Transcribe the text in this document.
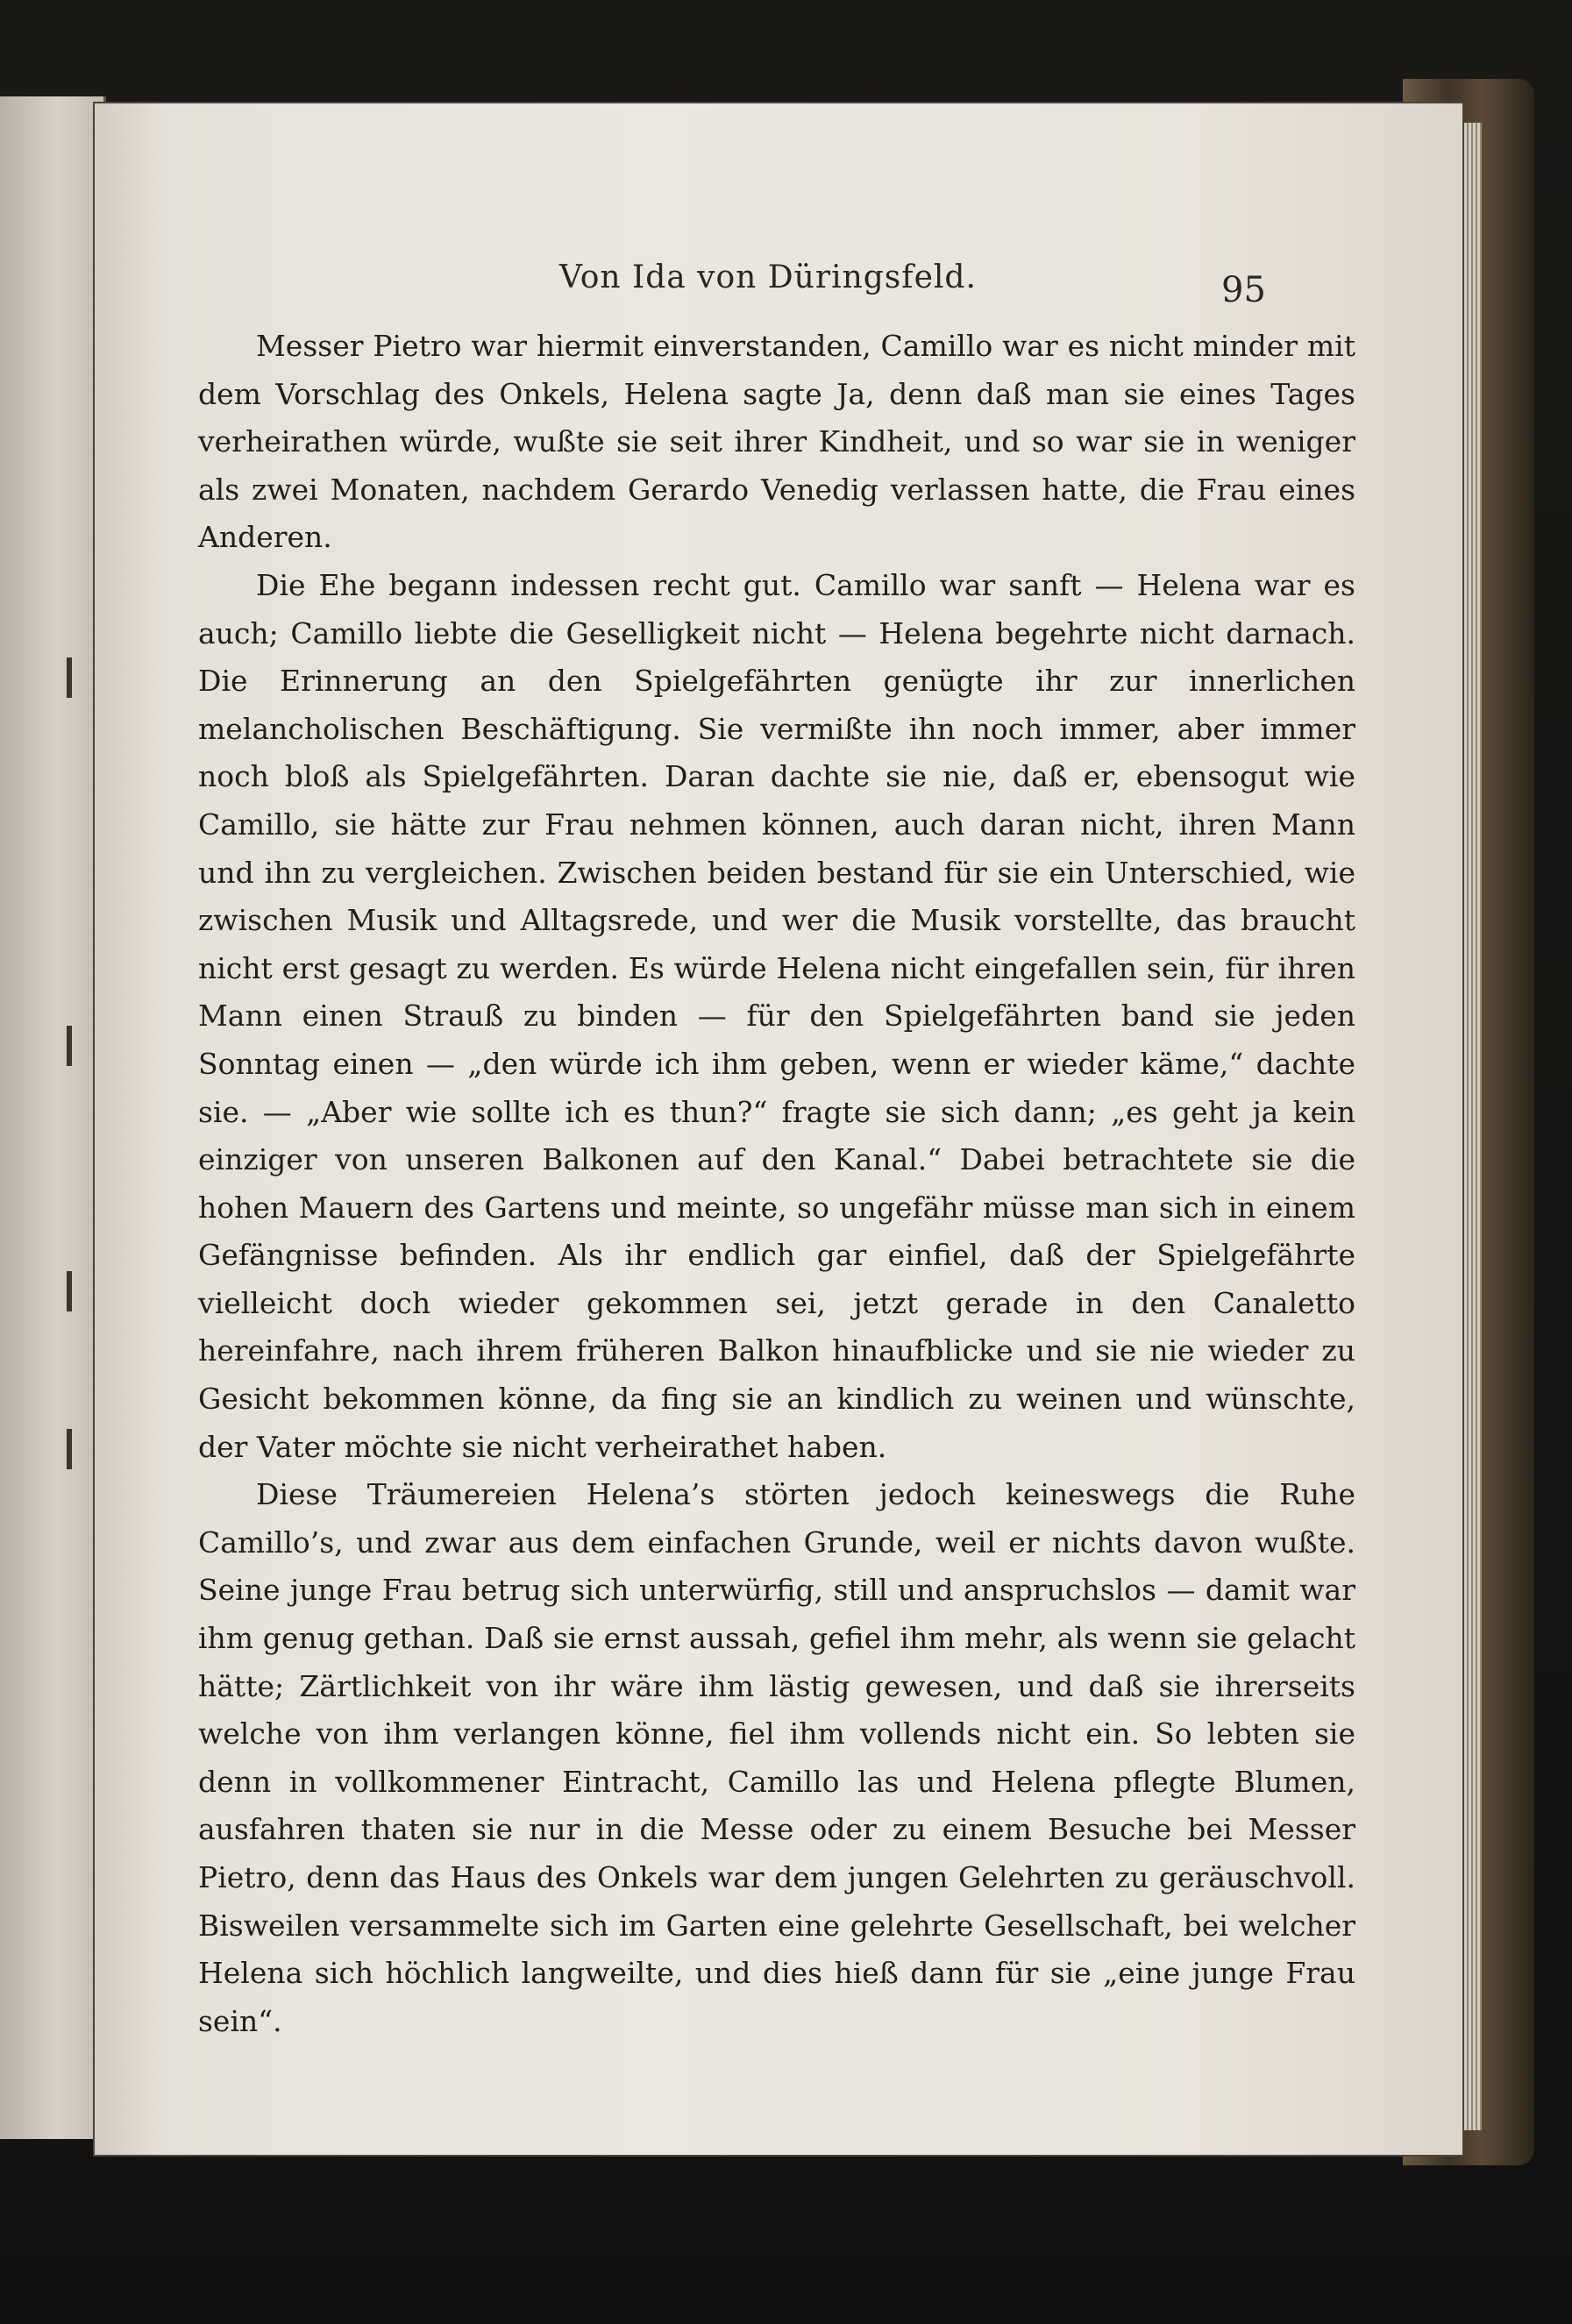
Von Ida von Düringsfeld.	95

Messer Pietro war hiermit einverstanden, Camillo war es nicht minder mit dem Vorschlag des Onkels, Helena sagte Ja, denn daß man sie eines Tages verheirathen würde, wußte sie seit ihrer Kindheit, und so war sie in weniger als zwei Monaten, nachdem Gerardo Venedig verlassen hatte, die Frau eines Anderen.

Die Ehe begann indessen recht gut. Camillo war sanft — Helena war es auch; Camillo liebte die Geselligkeit nicht — Helena begehrte nicht darnach. Die Erinnerung an den Spielgefährten genügte ihr zur innerlichen melancholischen Beschäftigung. Sie vermißte ihn noch immer, aber immer noch bloß als Spielgefährten. Daran dachte sie nie, daß er, ebensogut wie Camillo, sie hätte zur Frau nehmen können, auch daran nicht, ihren Mann und ihn zu vergleichen. Zwischen beiden bestand für sie ein Unterschied, wie zwischen Musik und Alltagsrede, und wer die Musik vorstellte, das braucht nicht erst gesagt zu werden. Es würde Helena nicht eingefallen sein, für ihren Mann einen Strauß zu binden — für den Spielgefährten band sie jeden Sonntag einen — „den würde ich ihm geben, wenn er wieder käme,“ dachte sie. — „Aber wie sollte ich es thun?“ fragte sie sich dann; „es geht ja kein einziger von unseren Balkonen auf den Kanal.“ Dabei betrachtete sie die hohen Mauern des Gartens und meinte, so ungefähr müsse man sich in einem Gefängnisse befinden. Als ihr endlich gar einfiel, daß der Spielgefährte vielleicht doch wieder gekommen sei, jetzt gerade in den Canaletto hereinfahre, nach ihrem früheren Balkon hinaufblicke und sie nie wieder zu Gesicht bekommen könne, da fing sie an kindlich zu weinen und wünschte, der Vater möchte sie nicht verheirathet haben.

Diese Träumereien Helena’s störten jedoch keineswegs die Ruhe Camillo’s, und zwar aus dem einfachen Grunde, weil er nichts davon wußte. Seine junge Frau betrug sich unterwürfig, still und anspruchslos — damit war ihm genug gethan. Daß sie ernst aussah, gefiel ihm mehr, als wenn sie gelacht hätte; Zärtlichkeit von ihr wäre ihm lästig gewesen, und daß sie ihrerseits welche von ihm verlangen könne, fiel ihm vollends nicht ein. So lebten sie denn in vollkommener Eintracht, Camillo las und Helena pflegte Blumen, ausfahren thaten sie nur in die Messe oder zu einem Besuche bei Messer Pietro, denn das Haus des Onkels war dem jungen Gelehrten zu geräuschvoll. Bisweilen versammelte sich im Garten eine gelehrte Gesellschaft, bei welcher Helena sich höchlich langweilte, und dies hieß dann für sie „eine junge Frau sein“.
